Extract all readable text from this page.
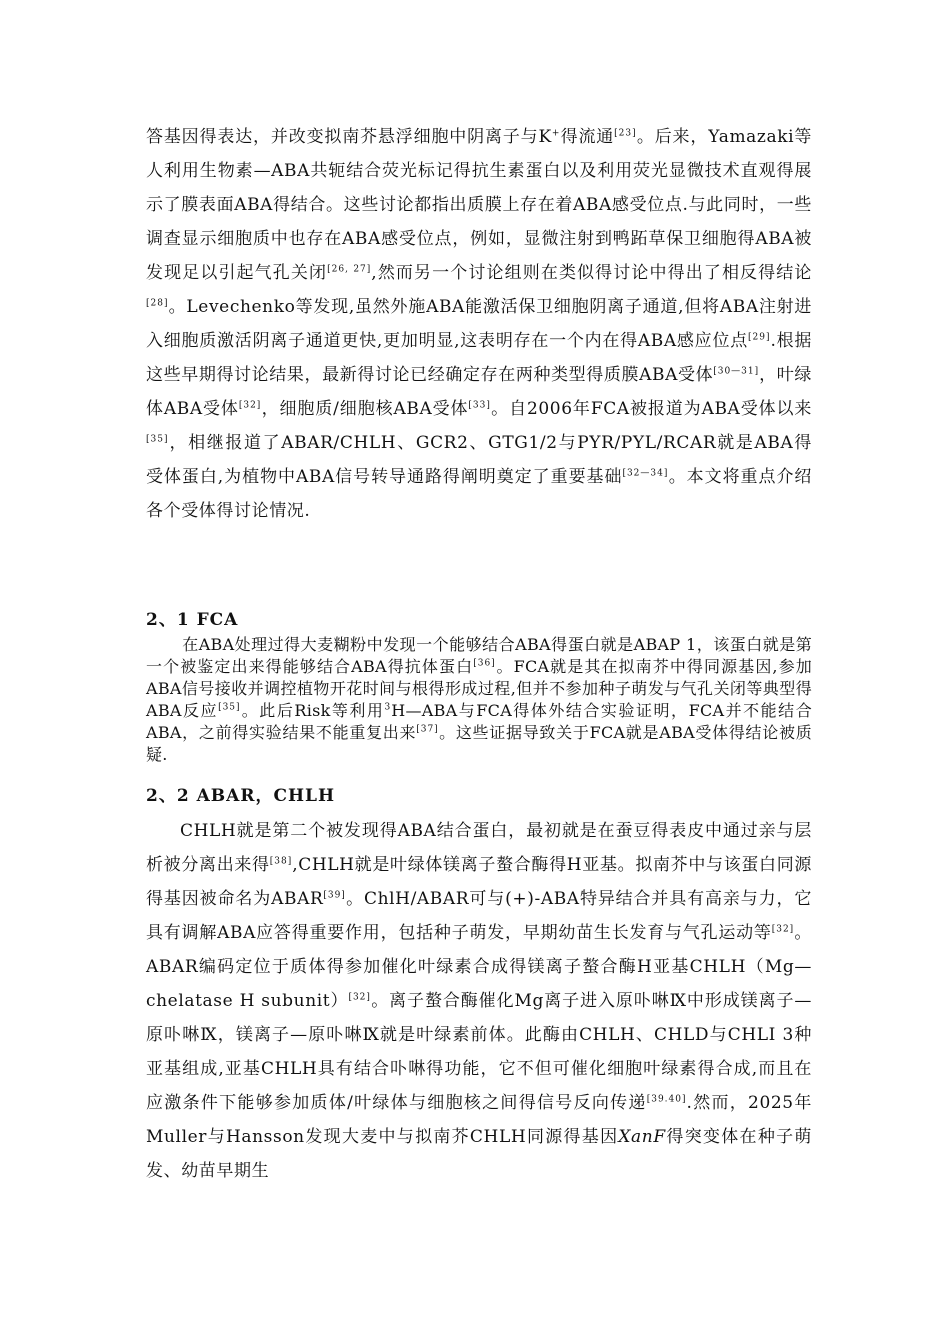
答基因得表达，并改变拟南芥悬浮细胞中阴离子与K+得流通[23]。后来，Yamazaki等人利用生物素—ABA共轭结合荧光标记得抗生素蛋白以及利用荧光显微技术直观得展示了膜表面ABA得结合。这些讨论都指出质膜上存在着ABA感受位点.与此同时，一些调查显示细胞质中也存在ABA感受位点，例如，显微注射到鸭跖草保卫细胞得ABA被发现足以引起气孔关闭[26, 27],然而另一个讨论组则在类似得讨论中得出了相反得结论[28]。Levechenko等发现,虽然外施ABA能激活保卫细胞阴离子通道,但将ABA注射进入细胞质激活阴离子通道更快,更加明显,这表明存在一个内在得ABA感应位点[29].根据这些早期得讨论结果，最新得讨论已经确定存在两种类型得质膜ABA受体[30—31]，叶绿体ABA受体[32]，细胞质/细胞核ABA受体[33]。自2006年FCA被报道为ABA受体以来[35]，相继报道了ABAR/CHLH、GCR2、GTG1/2与PYR/PYL/RCAR就是ABA得受体蛋白,为植物中ABA信号转导通路得阐明奠定了重要基础[32—34]。本文将重点介绍各个受体得讨论情况.

2、1 FCA

在ABA处理过得大麦糊粉中发现一个能够结合ABA得蛋白就是ABAP 1，该蛋白就是第一个被鉴定出来得能够结合ABA得抗体蛋白[36]。FCA就是其在拟南芥中得同源基因,参加ABA信号接收并调控植物开花时间与根得形成过程,但并不参加种子萌发与气孔关闭等典型得ABA反应[35]。此后Risk等利用$^3$H—ABA与FCA得体外结合实验证明，FCA并不能结合ABA，之前得实验结果不能重复出来[37]。这些证据导致关于FCA就是ABA受体得结论被质疑.

2、2 ABAR，CHLH

CHLH就是第二个被发现得ABA结合蛋白，最初就是在蚕豆得表皮中通过亲与层析被分离出来得[38],CHLH就是叶绿体镁离子螯合酶得H亚基。拟南芥中与该蛋白同源得基因被命名为ABAR[39]。ChlH/ABAR可与(+)-ABA特异结合并具有高亲与力，它具有调解ABA应答得重要作用，包括种子萌发，早期幼苗生长发育与气孔运动等[32]。ABAR编码定位于质体得参加催化叶绿素合成得镁离子螯合酶H亚基CHLH（Mg—chelatase H subunit）[32]。离子螯合酶催化Mg离子进入原卟啉Ⅸ中形成镁离子—原卟啉Ⅸ，镁离子—原卟啉Ⅸ就是叶绿素前体。此酶由CHLH、CHLD与CHLI 3种亚基组成,亚基CHLH具有结合卟啉得功能，它不但可催化细胞叶绿素得合成,而且在应激条件下能够参加质体/叶绿体与细胞核之间得信号反向传递[39.40].然而，2025年Muller与Hansson发现大麦中与拟南芥CHLH同源得基因XanF得突变体在种子萌发、幼苗早期生
